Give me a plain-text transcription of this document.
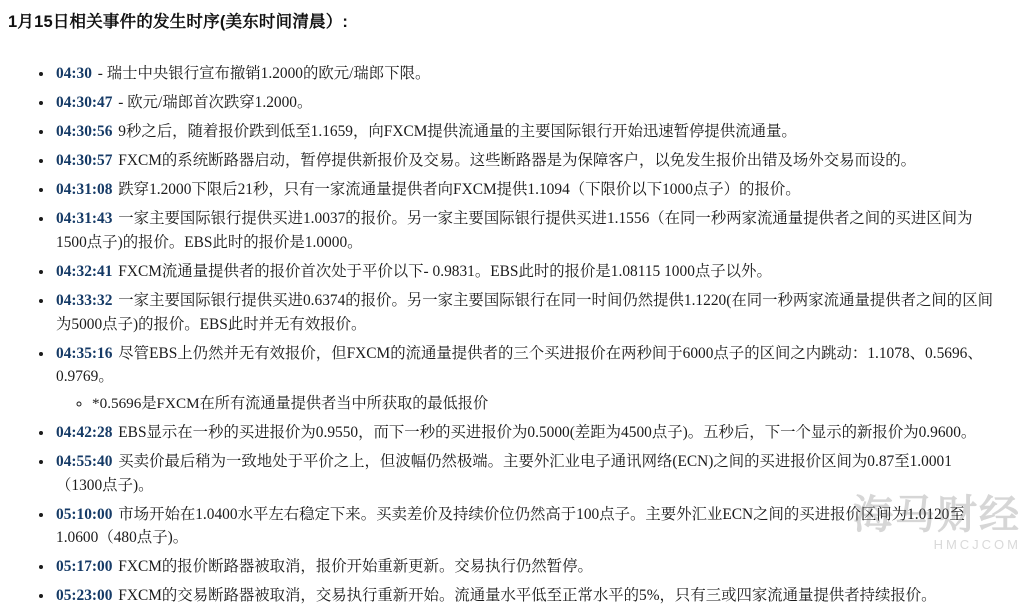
1月15日相关事件的发生时序(美东时间清晨）:
• 04:30 - 瑞士中央银行宣布撤销1.2000的欧元/瑞郎下限。
• 04:30:47 - 欧元/瑞郎首次跌穿1.2000。
• 04:30:56 9秒之后，随着报价跌到低至1.1659，向FXCM提供流通量的主要国际银行开始迅速暂停提供流通量。
• 04:30:57 FXCM的系统断路器启动，暂停提供新报价及交易。这些断路器是为保障客户，以免发生报价出错及场外交易而设的。
• 04:31:08 跌穿1.2000下限后21秒，只有一家流通量提供者向FXCM提供1.1094（下限价以下1000点子）的报价。
• 04:31:43 一家主要国际银行提供买进1.0037的报价。另一家主要国际银行提供买进1.1556（在同一秒两家流通量提供者之间的买进区间为1500点子)的报价。EBS此时的报价是1.0000。
• 04:32:41 FXCM流通量提供者的报价首次处于平价以下‑ 0.9831。EBS此时的报价是1.08115 1000点子以外。
• 04:33:32 一家主要国际银行提供买进0.6374的报价。另一家主要国际银行在同一时间仍然提供1.1220(在同一秒两家流通量提供者之间的区间为5000点子)的报价。EBS此时并无有效报价。
• 04:35:16 尽管EBS上仍然并无有效报价，但FXCM的流通量提供者的三个买进报价在两秒间于6000点子的区间之内跳动：1.1078、0.5696、0.9769。
◦ *0.5696是FXCM在所有流通量提供者当中所获取的最低报价
• 04:42:28 EBS显示在一秒的买进报价为0.9550，而下一秒的买进报价为0.5000(差距为4500点子)。五秒后，下一个显示的新报价为0.9600。
• 04:55:40 买卖价最后稍为一致地处于平价之上，但波幅仍然极端。主要外汇业电子通讯网络(ECN)之间的买进报价区间为0.87至1.0001（1300点子)。
• 05:10:00 市场开始在1.0400水平左右稳定下来。买卖差价及持续价位仍然高于100点子。主要外汇业ECN之间的买进报价区间为1.0120至1.0600（480点子)。
• 05:17:00 FXCM的报价断路器被取消，报价开始重新更新。交易执行仍然暂停。
• 05:23:00 FXCM的交易断路器被取消，交易执行重新开始。流通量水平低至正常水平的5%，只有三或四家流通量提供者持续报价。
海马财经
HMCJCOM
